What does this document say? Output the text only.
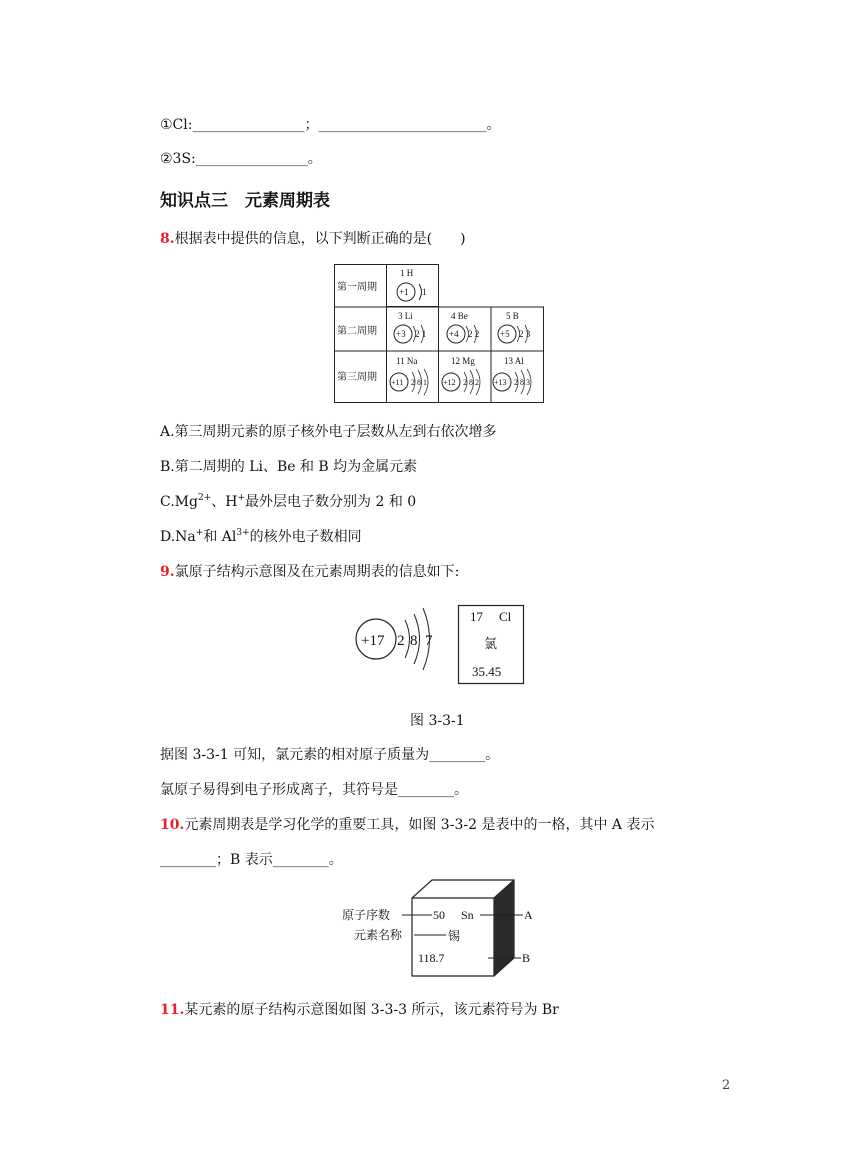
①Cl:________________；________________________。
②3S:________________。
知识点三　元素周期表
8.根据表中提供的信息，以下判断正确的是(　　)
第一周期
第二周期
第三周期
1 H
+1 1
3 Li
+3 2 1
4 Be
+4 2 2
5 B
+5 2 3
11 Na
+11 2 8 1
12 Mg
+12 2 8 2
13 Al
+13 2 8 3
A.第三周期元素的原子核外电子层数从左到右依次增多
B.第二周期的 Li、Be 和 B 均为金属元素
$C.Mg^{2+}$、H+最外层电子数分别为 2 和 0
D.Na+和 $Al^{3+}$的核外电子数相同
9.氯原子结构示意图及在元素周期表的信息如下:
+17 2 8 7
17 Cl
氯
35.45
图 3-3-1
据图 3-3-1 可知，氯元素的相对原子质量为________。
氯原子易得到电子形成离子，其符号是________。
10.元素周期表是学习化学的重要工具，如图 3-3-2 是表中的一格，其中 A 表示
________；B 表示________。
原子序数
元素名称
50 Sn
锡
118.7
A
B
11.某元素的原子结构示意图如图 3-3-3 所示，该元素符号为 Br
2
